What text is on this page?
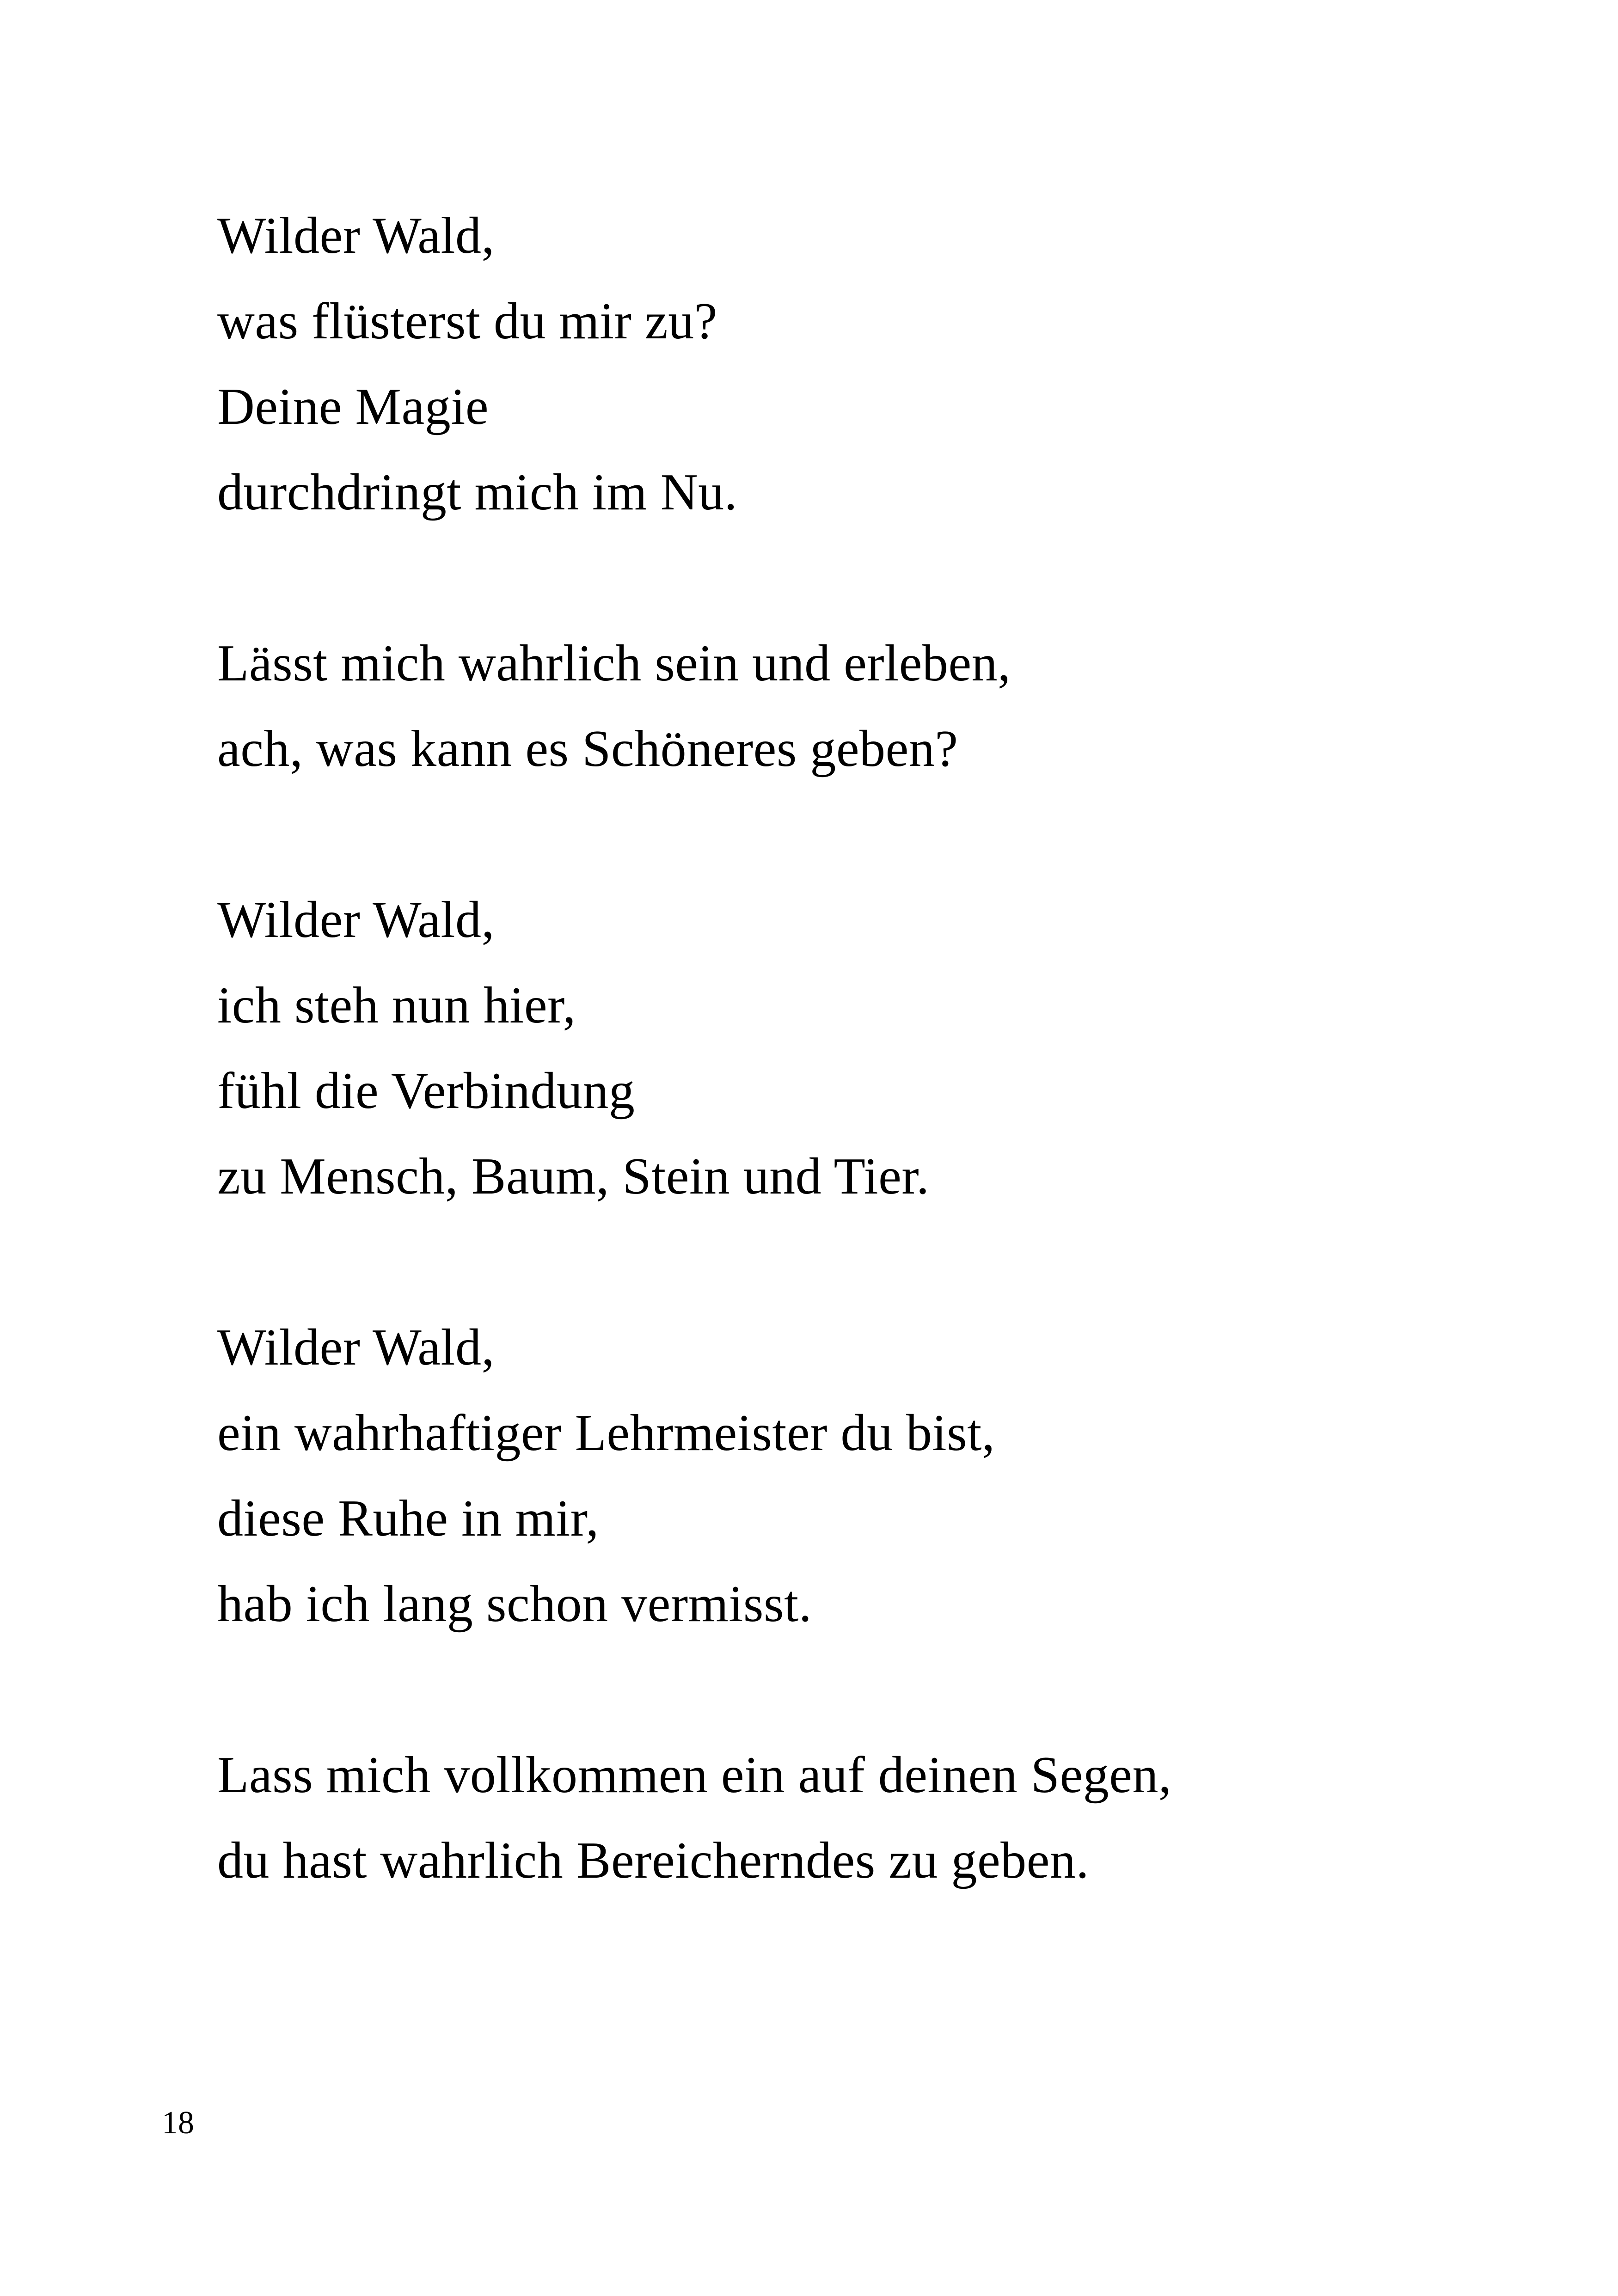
Wilder Wald,
was flüsterst du mir zu?
Deine Magie
durchdringt mich im Nu.
Lässt mich wahrlich sein und erleben,
ach, was kann es Schöneres geben?
Wilder Wald,
ich steh nun hier,
fühl die Verbindung
zu Mensch, Baum, Stein und Tier.
Wilder Wald,
ein wahrhaftiger Lehrmeister du bist,
diese Ruhe in mir,
hab ich lang schon vermisst.
Lass mich vollkommen ein auf deinen Segen,
du hast wahrlich Bereicherndes zu geben.
18
